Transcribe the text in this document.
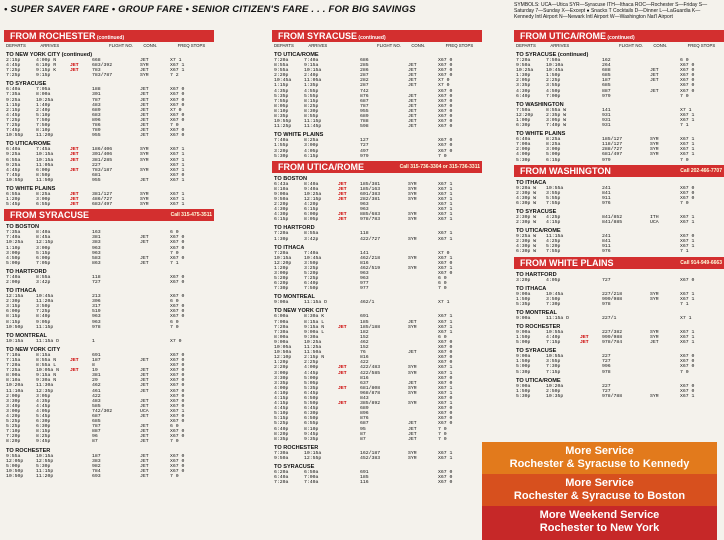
• SUPER SAVER FARE • GROUP FARE • SENIOR CITIZEN'S FARE . . . FOR BIG SAVINGS	SYMBOLS: UCA—Utica SYR—Syracuse ITH—Ithaca ROC—Rochester S—Friday S—Saturday 7—Sunday X—Except ● Snacks T Cocktails D—Dinner L—LaGuardia K—Kennedy Intl Airport N—Newark Intl Airport W—Washington Nat'l Airport
FROM ROCHESTER (continued)
DEPARTS	ARRIVES	FLIGHT NO.	CONN.	FREQ STOPS
TO NEW YORK CITY (continued)
2:15p	4:00p N	668	JET	X7 1
4:45p	6:10p R	JET	683/392	SYR	X67 1
7:25p	9:15p K	JET	783	JET	X67 1
7:25p	9:15p	783/787	SYR	7 2
TO SYRACUSE
6:40a	7:05a	188	JET	X67 0
7:35a	8:00a	301	JET	X67 0
9:25a	10:25a	787	JET	X67 0
1:15p	1:40p	483	JET	X67 0
2:15p	2:40p	689	JET	X7 0
4:45p	5:10p	683	JET	X67 0
7:25p	7:50p	896	JET	X67 0
7:25p	7:50p	786	JET	7 0
7:45p	8:10p	789	JET	X67 0
10:55p	11:20p	955	JET	X67 0
TO UTICA/ROME
6:40a	7:45a	JET	186/406	SYR	X67 1
9:25a	10:15a	JET	301/406	SYR	X67 1
6:55a	10:15a	JET	381/285	SYR	X67 1
9:25a	11:05a	227	X67 1
4:45p	6:00p	JET	783/187	SYR	X67 1
7:45p	8:50p	681	X67 0
10:55p	11:50p	955	JET	X67 1
TO WHITE PLAINS
6:55a	8:25a	JET	381/127	SYR	X67 1
1:20p	3:00p	JET	486/727	SYR	X67 1
5:45p	6:55p	JET	683/497	SYR	X67 1
FROM SYRACUSE	Call 315-475-3511
TO BOSTON
7:35a	8:40a	163	6 0
7:40a	8:45a	381	JET	X67 0
10:25a	12:15p	383	JET	X67 0
1:10p	3:00p	963	X67 0
3:00p	5:15p	963	7 0
4:50p	6:00p	583	JET	X67 0
5:00p	7:05p	863	JET	7 1
TO HARTFORD
7:40a	8:55a	118	X67 0
2:00p	3:42p	727	X67 0
TO ITHACA
12:15a	10:45a	213	X67 0
2:30p	11:20a	306	6 0
3:15p	3:50p	317	X67 0
6:00p	7:25p	519	X67 0
8:15p	8:40p	963	X67 0
8:15p	9:05p	963	6 0
10:50p	11:15p	978	7 0
TO MONTREAL
10:15a	11:15a D	1	X7 0
TO NEW YORK CITY
7:10a	8:15a	691	X67 0
7:15a	8:55a N	JET	187	JET	X67 0
7:20a	8:55a L	8	X67 0
7:25a	10:05a N	JET	19	JET	X67 0
8:00a	9:15a N	381	JET	X67 0
8:10a	9:30a N	29	JET	X67 0
10:20a	11:30a	462	JET	X67 0
11:10a	12:35p	461	JET	X67 0
2:00p	3:05p	422	X67 0
3:30p	4:35p	483	JET	X67 0
3:40p	4:45p	585	JET	X67 0
3:00p	4:05p	742/302	UCA	X67 1
4:20p	5:45p	687	JET	X67 0
5:25p	6:30p	685	X67 0
5:25p	6:30p	787	JET	6 0
7:10p	8:15p	887	JET	X67 0
7:20p	8:25p	96	JET	X67 0
8:20p	9:45p	87	JET	7 0
TO ROCHESTER
9:55a	10:15a	187	JET	X67 0
12:05p	12:55p	383	JET	X67 0
5:00p	5:30p	982	JET	X67 0
10:50p	11:15p	784	JET	X67 0
10:50p	11:20p	693	JET	7 0
FROM SYRACUSE (continued)
DEPARTS	ARRIVES	FLIGHT NO.	CONN.	FREQ STOPS
TO UTICA/ROME
7:20a	7:40a	686	X67 0
8:55a	9:15a	285	JET	X67 0
9:55a	10:15a	286	JET	X67 0
2:20p	2:40p	287	JET	X67 0
10:45a	11:05a	282	JET	X7 0
1:15p	1:35p	287	JET	X7 0
4:35p	4:55p	742	X67 0
5:35p	5:55p	876	JET	X67 0
7:55p	8:15p	687	JET	X67 0
8:05p	8:25p	787	JET	X67 0
8:10p	8:30p	955	JET	X67 0
8:35p	8:55p	689	JET	X67 0
10:55p	11:15p	788	JET	X67 0
11:25p	11:45p	598	JET	X67 0
TO WHITE PLAINS
7:40a	8:25a	127	X67 0
1:55p	3:00p	727	X67 0
3:20p	4:05p	497	X67 0
5:30p	6:15p	979	7 0
FROM UTICA/ROME	Call 315-736-3304 or 315-736-3311
TO BOSTON
6:43a	8:40a	JET	185/381	SYR	X67 1
8:10a	9:40a	JET	185/163	SYR	X67 1
9:00a	10:25a	JET	601/383	SYR	X67 1
9:50a	12:15p	JET	282/381	SYR	X67 1
2:20p	4:20p	963	X67 1
4:30p	6:15p	963	X67 1
4:30p	6:00p	JET	885/683	SYR	X67 1
6:15p	8:05p	JET	978/783	SYR	X67 1
TO HARTFORD
7:20a	8:55a	118	X67 1
1:30p	3:42p	422/727	SYR	X67 1
TO ITHACA
7:20a	7:40a	141	X7 0
10:15a	10:45a	462/218	SYR	X67 1
12:20p	3:50p	816	X67 0
1:20p	3:25p	462/519	SYR	X67 1
3:00p	5:20p	963	X67 0
5:20p	7:25p	963	6 0
6:20p	6:40p	977	6 0
7:30p	7:50p	977	7 0
TO MONTREAL
9:00a	11:15a D	462/1	X7 1
TO NEW YORK CITY
6:00a	8:30a K	691	X67 1
7:00a	8:15a L	185	JET	X67 1
7:20a	9:15a N	JET	185/188	SYR	X67 1
7:30a	9:00a L	182	X67 1
8:00a	9:30a	152	6 0
9:00a	10:25a	462	X67 0
10:05a	11:25a	152	X67 0
10:50a	11:50a	76	JET	X67 0
12:10p	2:15p N	816	X67 0
1:20p	2:25p	422	X67 0
2:20p	4:00p	JET	422/483	SYR	X67 1
3:00p	4:45p	JET	422/585	SYR	X67 1
3:30p	5:00p	816	X67 0
3:35p	5:05p	637	JET	X67 0
4:00p	5:35p	JET	681/808	SYR	X67 1
4:10p	6:45p	968/878	SYR	X67 1
4:15p	6:50p	843	X67 0
4:15p	5:50p	JET	385/892	SYR	X67 1
4:45p	6:45p	689	X67 0
5:10p	6:30p	896	X67 0
5:15p	6:50p	876	X67 0
5:25p	6:55p	687	JET	X67 0
6:40p	8:10p	95	JET	7 0
8:20p	9:45p	87	JET	7 0
8:35p	9:35p	87	JET	7 0
TO ROCHESTER
7:30a	10:15a	162/187	SYR	X67 1
9:50a	12:55p	452/383	SYR	X67 1
TO SYRACUSE
6:20a	6:50a	691	X67 0
6:40a	7:00a	185	X67 0
7:20a	7:40a	116	X67 0
FROM UTICA/ROME (continued)
DEPARTS	ARRIVES	FLIGHT NO.	CONN.	FREQ STOPS
TO SYRACUSE (continued)
7:20a	7:50a	162	6 0
9:50a	10:10a	264	X67 0
10:25a	10:45a	688	JET	X67 0
1:30p	1:50p	685	JET	X67 0
2:05p	2:25p	187	JET	X67 0
3:35p	3:55p	685	X67 0
4:30p	4:50p	887	JET	X67 0
6:40p	7:00p	979	7 0
TO WASHINGTON
7:50a	8:55a W	141	X7 1
12:20p	2:35p W	931	X67 1
1:00p	3:05p W	931	X67 1
6:30p	7:40p W	931	7 1
TO WHITE PLAINS
6:40a	8:25a	185/127	SYR	X67 1
7:00a	8:25a	118/127	SYR	X67 1
2:00p	3:00p	288/727	SYR	X67 1
4:00p	5:00p	681/497	SYR	X67 1
5:30p	6:15p	979	7 0
FROM WASHINGTON	Call 202-466-7707
TO ITHACA
9:20a W	10:55a	241	X67 0
2:30p W	3:55p	841	X67 0
4:30p W	5:55p	911	X67 0
6:30p W	7:55p	976	7 0
TO SYRACUSE
2:30p W	4:25p	841/852	ITH	X67 1
2:30p W	4:15p	841/885	UCA	X67 1
TO UTICA/ROME
9:25a W	11:15a	241	X67 0
2:30p W	4:25p	841	X67 1
4:30p W	5:20p	911	X67 1
6:30p W	7:55p	976	7 1
FROM WHITE PLAINS	Call 914-949-6663
TO HARTFORD
3:20p	4:05p	727	X67 0
TO ITHACA
9:00a	10:45a	227/218	SYR	X67 1
1:50p	3:50p	999/988	SYR	X67 1
5:35p	7:30p	978	7 1
TO MONTREAL
9:00a	11:15a D	227/1	X7 1
TO ROCHESTER
9:00a	10:55a	227/382	SYR	X67 1
1:50p	4:40p	JET	999/988	SYR	X67 1
5:00p	7:15p	JET	978/784	JET	X67 1
TO SYRACUSE
9:00a	10:55a	227	X67 0
1:50p	3:55p	727	X67 0
5:00p	7:30p	996	X67 0
5:30p	7:15p	978	7 0
TO UTICA/ROME
9:00a	10:20a	227	X67 0
1:50p	2:50p	727	X67 0
5:30p	10:35p	978/788	SYR	X67 1
More Service
Rochester & Syracuse to Kennedy
More Service
Rochester & Syracuse to Boston
More Weekend Service
Rochester to New York
